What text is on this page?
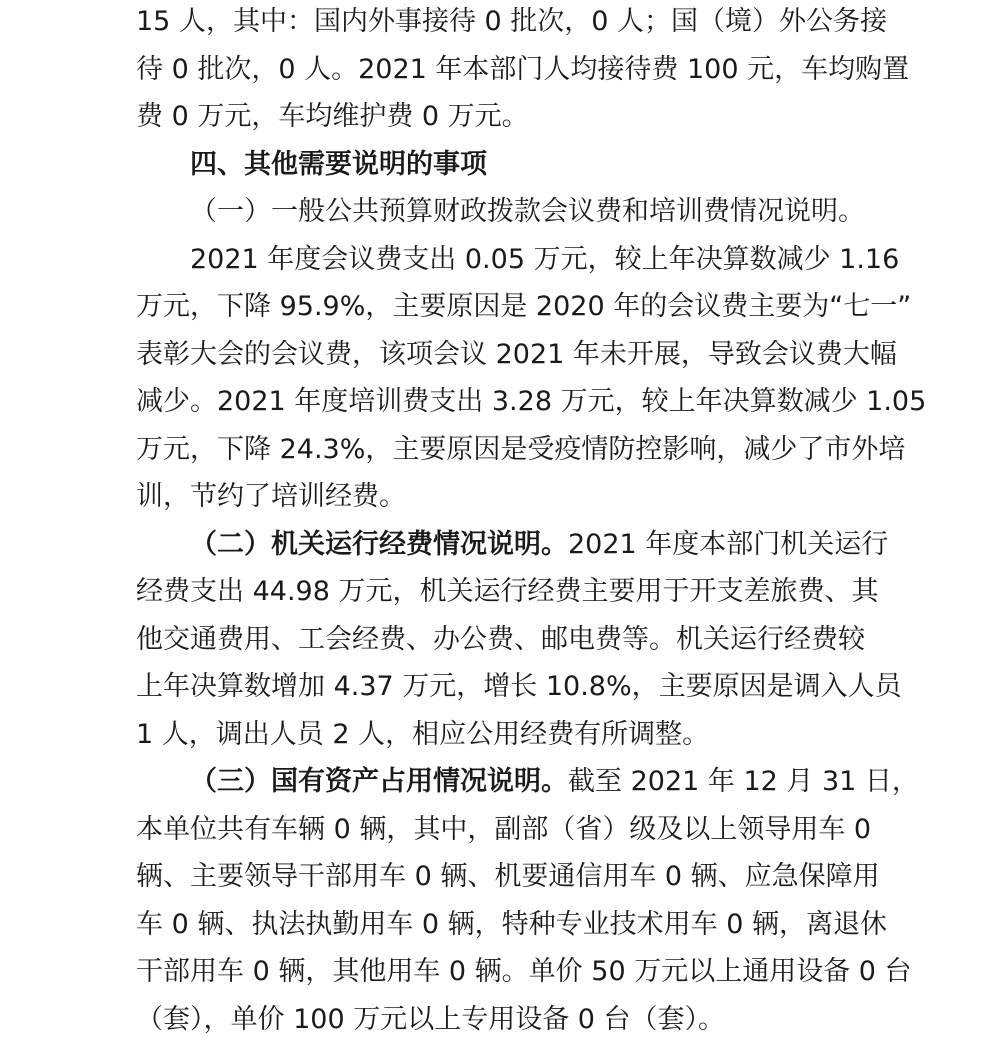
15 人，其中：国内外事接待 0 批次，0 人；国（境）外公务接
待 0 批次，0 人。2021 年本部门人均接待费 100 元，车均购置
费 0 万元，车均维护费 0 万元。
四、其他需要说明的事项
（一）一般公共预算财政拨款会议费和培训费情况说明。
2021 年度会议费支出 0.05 万元，较上年决算数减少 1.16
万元，下降 95.9%，主要原因是 2020 年的会议费主要为“七一”
表彰大会的会议费，该项会议 2021 年未开展，导致会议费大幅
减少。2021 年度培训费支出 3.28 万元，较上年决算数减少 1.05
万元，下降 24.3%，主要原因是受疫情防控影响，减少了市外培
训，节约了培训经费。
（二）机关运行经费情况说明。2021 年度本部门机关运行
经费支出 44.98 万元，机关运行经费主要用于开支差旅费、其
他交通费用、工会经费、办公费、邮电费等。机关运行经费较
上年决算数增加 4.37 万元，增长 10.8%，主要原因是调入人员
1 人，调出人员 2 人，相应公用经费有所调整。
（三）国有资产占用情况说明。截至 2021 年 12 月 31 日，
本单位共有车辆 0 辆，其中，副部（省）级及以上领导用车 0
辆、主要领导干部用车 0 辆、机要通信用车 0 辆、应急保障用
车 0 辆、执法执勤用车 0 辆，特种专业技术用车 0 辆，离退休
干部用车 0 辆，其他用车 0 辆。单价 50 万元以上通用设备 0 台
（套），单价 100 万元以上专用设备 0 台（套）。
